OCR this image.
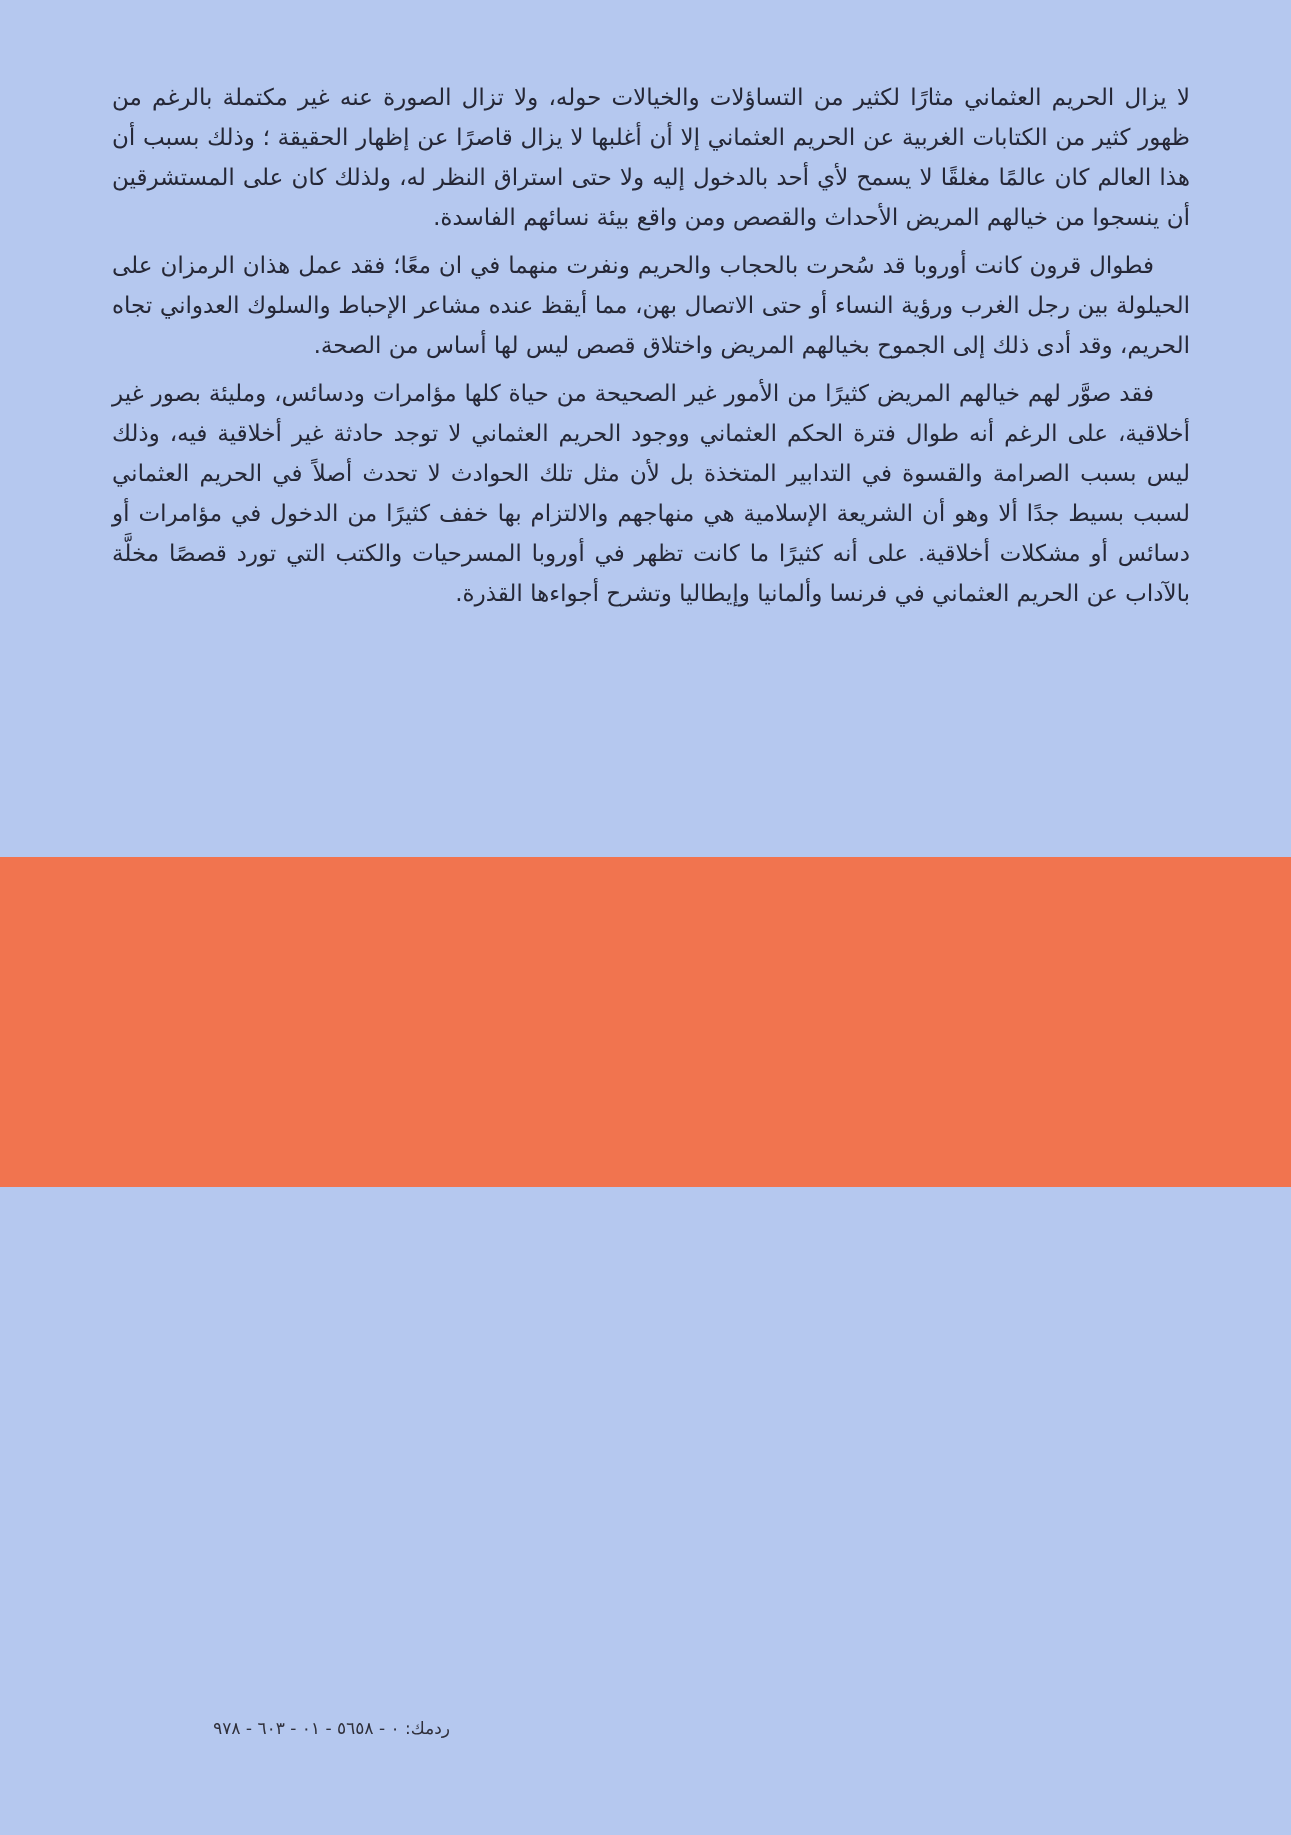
لا يزال الحريم العثماني مثارًا لكثير من التساؤلات والخيالات حوله، ولا تزال الصورة عنه غير مكتملة بالرغم من ظهور كثير من الكتابات الغربية عن الحريم العثماني إلا أن أغلبها لا يزال قاصرًا عن إظهار الحقيقة ؛ وذلك بسبب أن هذا العالم كان عالمًا مغلقًا لا يسمح لأي أحد بالدخول إليه ولا حتى استراق النظر له، ولذلك كان على المستشرقين أن ينسجوا من خيالهم المريض الأحداث والقصص ومن واقع بيئة نسائهم الفاسدة.

فطوال قرون كانت أوروبا قد سُحرت بالحجاب والحريم ونفرت منهما في ان معًا؛ فقد عمل هذان الرمزان على الحيلولة بين رجل الغرب ورؤية النساء أو حتى الاتصال بهن، مما أيقظ عنده مشاعر الإحباط والسلوك العدواني تجاه الحريم، وقد أدى ذلك إلى الجموح بخيالهم المريض واختلاق قصص ليس لها أساس من الصحة.

فقد صوَّر لهم خيالهم المريض كثيرًا من الأمور غير الصحيحة من حياة كلها مؤامرات ودسائس، ومليئة بصور غير أخلاقية، على الرغم أنه طوال فترة الحكم العثماني ووجود الحريم العثماني لا توجد حادثة غير أخلاقية فيه، وذلك ليس بسبب الصرامة والقسوة في التدابير المتخذة بل لأن مثل تلك الحوادث لا تحدث أصلاً في الحريم العثماني لسبب بسيط جدًا ألا وهو أن الشريعة الإسلامية هي منهاجهم والالتزام بها خفف كثيرًا من الدخول في مؤامرات أو دسائس أو مشكلات أخلاقية. على أنه كثيرًا ما كانت تظهر في أوروبا المسرحيات والكتب التي تورد قصصًا مخلَّة بالآداب عن الحريم العثماني في فرنسا وألمانيا وإيطاليا وتشرح أجواءها القذرة.

ردمك: ٠ - ٥٦٥٨ - ٠١ - ٦٠٣ - ٩٧٨
